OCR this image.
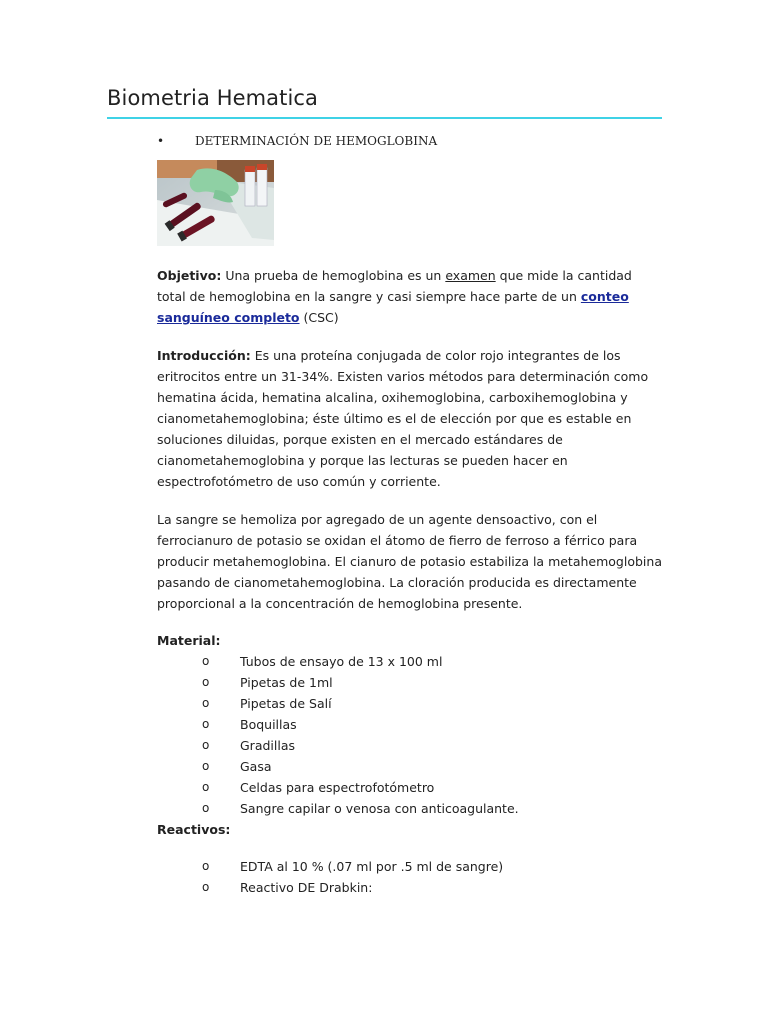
Biometria Hematica
•	DETERMINACIÓN DE HEMOGLOBINA

Objetivo: Una prueba de hemoglobina es un examen que mide la cantidad total de hemoglobina en la sangre y casi siempre hace parte de un conteo sanguíneo completo (CSC)

Introducción: Es una proteína conjugada de color rojo integrantes de los eritrocitos entre un 31-34%. Existen varios métodos para determinación como hematina ácida, hematina alcalina, oxihemoglobina, carboxihemoglobina y cianometahemoglobina; éste último es el de elección por que es estable en soluciones diluidas, porque existen en el mercado estándares de cianometahemoglobina y porque las lecturas se pueden hacer en espectrofotómetro de uso común y corriente.

La sangre se hemoliza por agregado de un agente densoactivo, con el ferrocianuro de potasio se oxidan el átomo de fierro de ferroso a férrico para producir metahemoglobina. El cianuro de potasio estabiliza la metahemoglobina pasando de cianometahemoglobina. La cloración producida es directamente proporcional a la concentración de hemoglobina presente.

Material:
o Tubos de ensayo de 13 x 100 ml
o Pipetas de 1ml
o Pipetas de Salí
o Boquillas
o Gradillas
o Gasa
o Celdas para espectrofotómetro
o Sangre capilar o venosa con anticoagulante.
Reactivos:
o EDTA al 10 % (.07 ml por .5 ml de sangre)
o Reactivo DE Drabkin:
